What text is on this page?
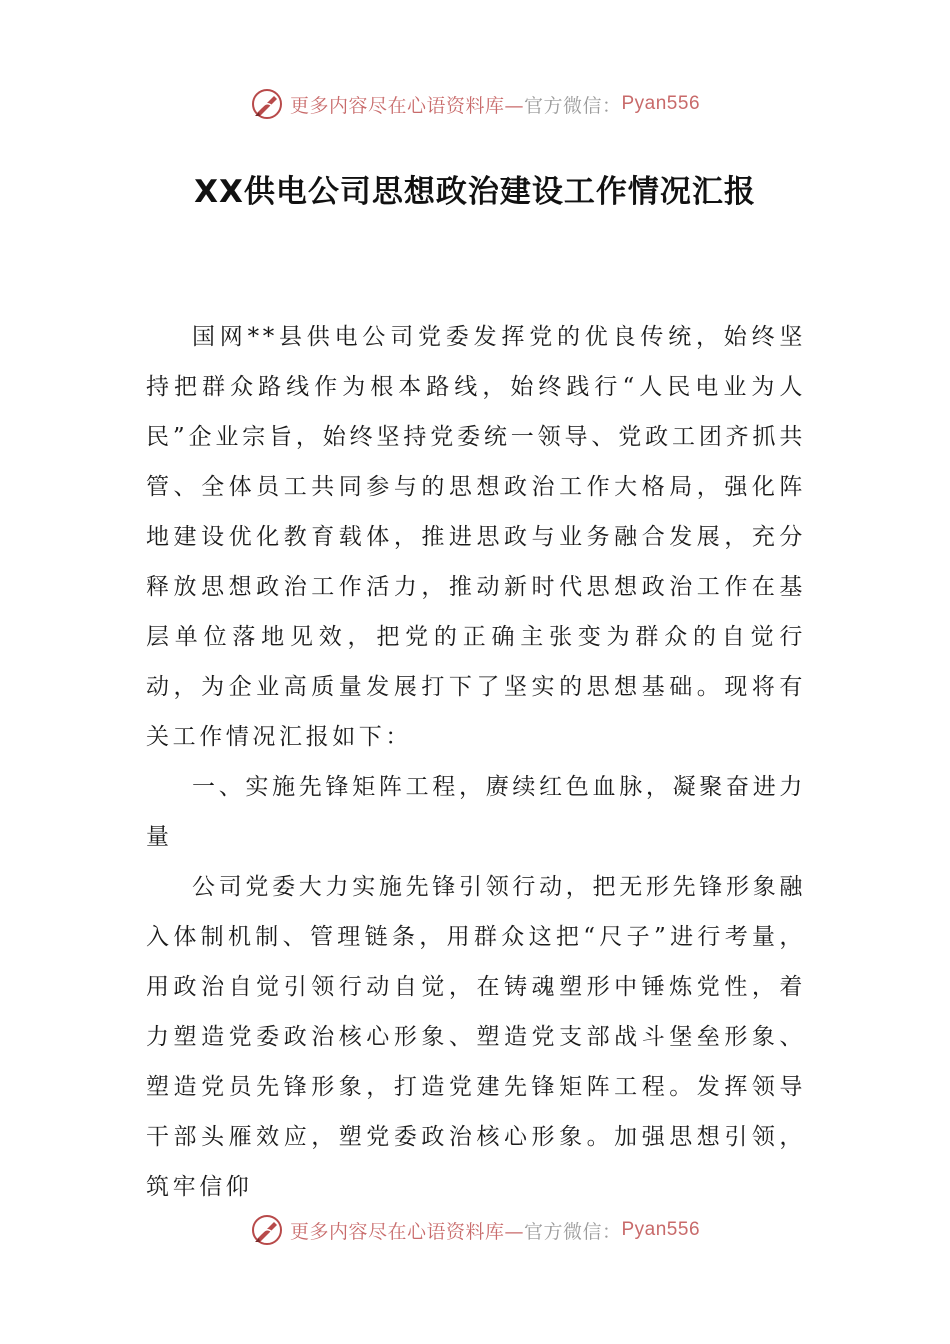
更多内容尽在心语资料库— 官方微信： Pyan556
XX供电公司思想政治建设工作情况汇报

国网**县供电公司党委发挥党的优良传统，始终坚持把群众路线作为根本路线，始终践行“人民电业为人民”企业宗旨，始终坚持党委统一领导、党政工团齐抓共管、全体员工共同参与的思想政治工作大格局，强化阵地建设优化教育载体，推进思政与业务融合发展，充分释放思想政治工作活力，推动新时代思想政治工作在基层单位落地见效，把党的正确主张变为群众的自觉行动，为企业高质量发展打下了坚实的思想基础。现将有关工作情况汇报如下：

一、实施先锋矩阵工程，赓续红色血脉，凝聚奋进力量

公司党委大力实施先锋引领行动，把无形先锋形象融入体制机制、管理链条，用群众这把“尺子”进行考量，用政治自觉引领行动自觉，在铸魂塑形中锤炼党性，着力塑造党委政治核心形象、塑造党支部战斗堡垒形象、塑造党员先锋形象，打造党建先锋矩阵工程。发挥领导干部头雁效应，塑党委政治核心形象。加强思想引领，筑牢信仰

更多内容尽在心语资料库— 官方微信： Pyan556
